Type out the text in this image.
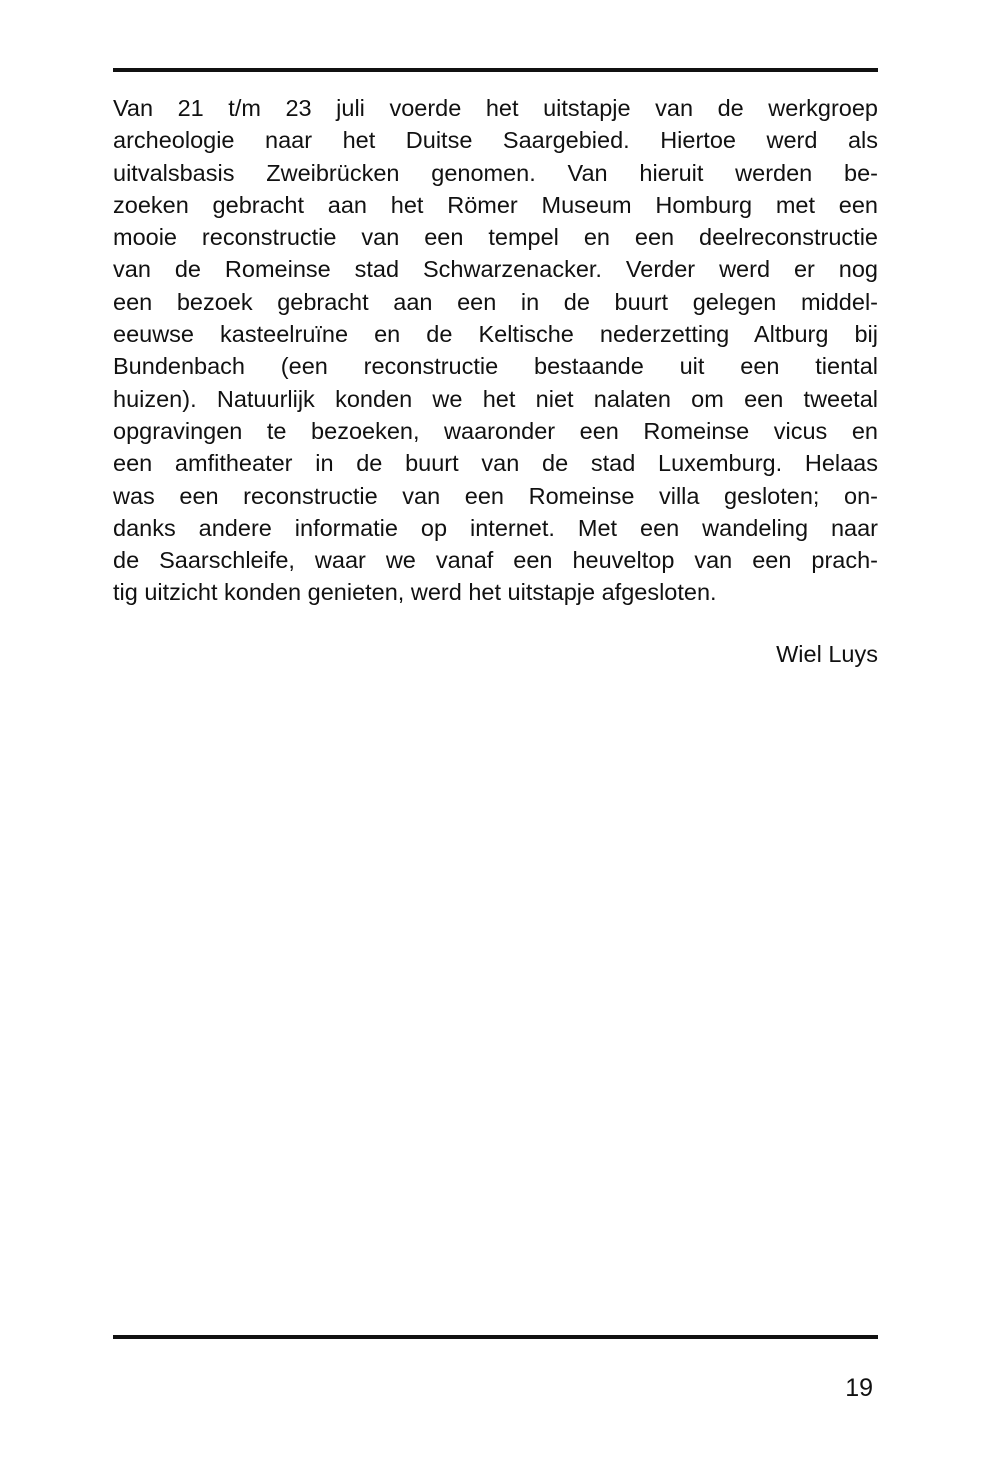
Van 21 t/m 23 juli voerde het uitstapje van de werkgroep
archeologie naar het Duitse Saargebied. Hiertoe werd als
uitvalsbasis Zweibrücken genomen. Van hieruit werden be-
zoeken gebracht aan het Römer Museum Homburg met een
mooie reconstructie van een tempel en een deelreconstructie
van de Romeinse stad Schwarzenacker. Verder werd er nog
een bezoek gebracht aan een in de buurt gelegen middel-
eeuwse kasteelruïne en de Keltische nederzetting Altburg bij
Bundenbach (een reconstructie bestaande uit een tiental
huizen). Natuurlijk konden we het niet nalaten om een tweetal
opgravingen te bezoeken, waaronder een Romeinse vicus en
een amfitheater in de buurt van de stad Luxemburg. Helaas
was een reconstructie van een Romeinse villa gesloten; on-
danks andere informatie op internet. Met een wandeling naar
de Saarschleife, waar we vanaf een heuveltop van een prach-
tig uitzicht konden genieten, werd het uitstapje afgesloten.

Wiel Luys
19
